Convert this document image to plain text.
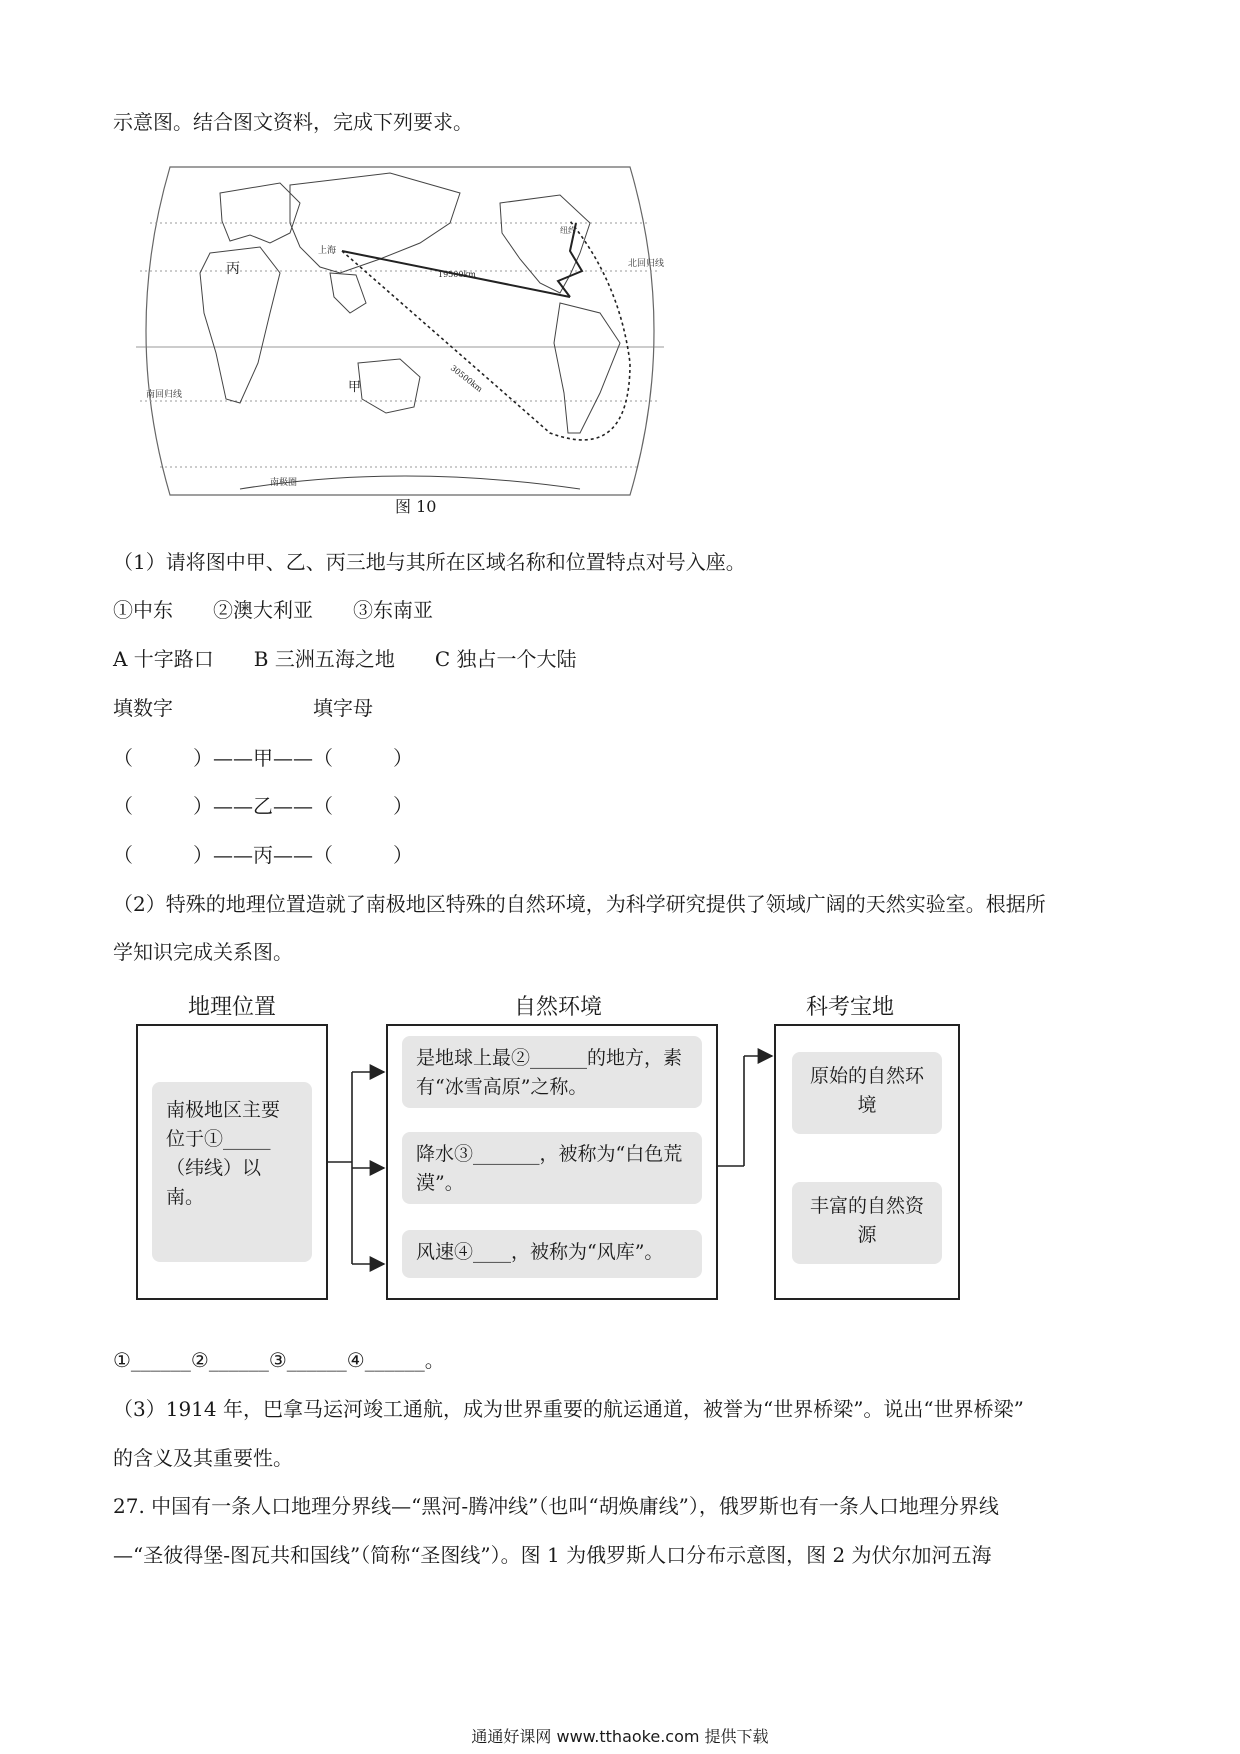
示意图。结合图文资料，完成下列要求。
上海
19500km
30500km
丙
甲
南回归线
北回归线
南极圈
纽约
图 10
（1）请将图中甲、乙、丙三地与其所在区域名称和位置特点对号入座。
①中东　　②澳大利亚　　③东南亚
A 十字路口　　B 三洲五海之地　　C 独占一个大陆
填数字　　　　　　　填字母
（　　　）——甲——（　　　）
（　　　）——乙——（　　　）
（　　　）——丙——（　　　）
（2）特殊的地理位置造就了南极地区特殊的自然环境，为科学研究提供了领域广阔的天然实验室。根据所
学知识完成关系图。
地理位置	自然环境	科考宝地
南极地区主要位于①_____（纬线）以南。
是地球上最②______的地方，素有“冰雪高原”之称。
降水③_______，被称为“白色荒漠”。
风速④____，被称为“风库”。
原始的自然环境
丰富的自然资源
①______②______③______④______。
（3）1914 年，巴拿马运河竣工通航，成为世界重要的航运通道，被誉为“世界桥梁”。说出“世界桥梁”
的含义及其重要性。
27. 中国有一条人口地理分界线—“黑河-腾冲线”（也叫“胡焕庸线”），俄罗斯也有一条人口地理分界线
—“圣彼得堡-图瓦共和国线”（简称“圣图线”）。图 1 为俄罗斯人口分布示意图，图 2 为伏尔加河五海
通通好课网 www.tthaoke.com 提供下载
